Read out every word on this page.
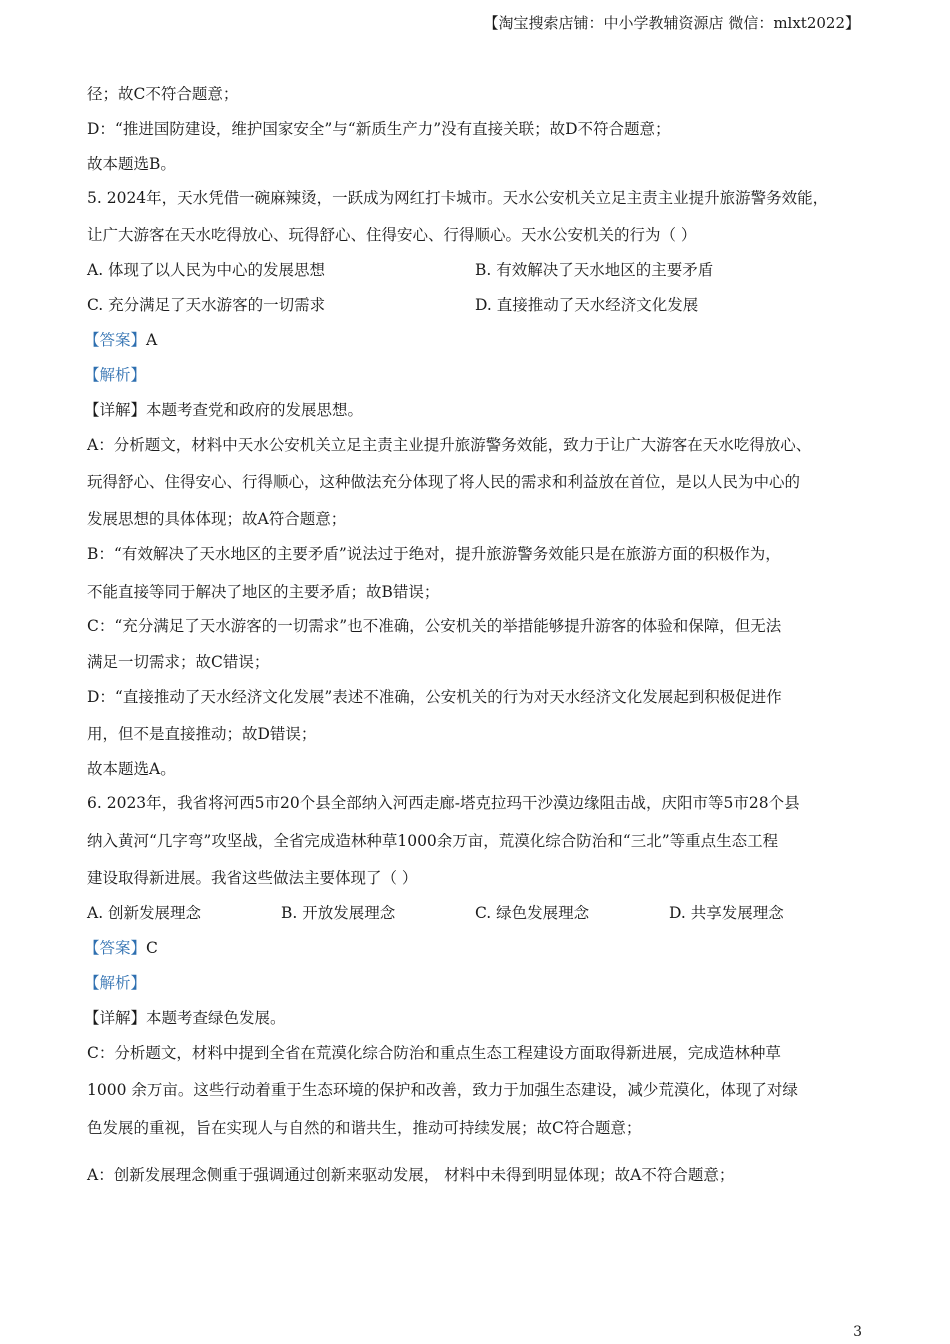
【淘宝搜索店铺：中小学教辅资源店 微信：mlxt2022】
径；故C不符合题意；
D：“推进国防建设，维护国家安全”与“新质生产力”没有直接关联；故D不符合题意；
故本题选B。
5. 2024年，天水凭借一碗麻辣烫，一跃成为网红打卡城市。天水公安机关立足主责主业提升旅游警务效能，
让广大游客在天水吃得放心、玩得舒心、住得安心、行得顺心。天水公安机关的行为（ ）
A. 体现了以人民为中心的发展思想	B. 有效解决了天水地区的主要矛盾
C. 充分满足了天水游客的一切需求	D. 直接推动了天水经济文化发展
【答案】A
【解析】
【详解】本题考查党和政府的发展思想。
A：分析题文，材料中天水公安机关立足主责主业提升旅游警务效能，致力于让广大游客在天水吃得放心、
玩得舒心、住得安心、行得顺心，这种做法充分体现了将人民的需求和利益放在首位，是以人民为中心的
发展思想的具体体现；故A符合题意；
B：“有效解决了天水地区的主要矛盾”说法过于绝对，提升旅游警务效能只是在旅游方面的积极作为，
不能直接等同于解决了地区的主要矛盾；故B错误；
C：“充分满足了天水游客的一切需求”也不准确，公安机关的举措能够提升游客的体验和保障，但无法
满足一切需求；故C错误；
D：“直接推动了天水经济文化发展”表述不准确，公安机关的行为对天水经济文化发展起到积极促进作
用，但不是直接推动；故D错误；
故本题选A。
6. 2023年，我省将河西5市20个县全部纳入河西走廊-塔克拉玛干沙漠边缘阻击战，庆阳市等5市28个县
纳入黄河“几字弯”攻坚战，全省完成造林种草1000余万亩，荒漠化综合防治和“三北”等重点生态工程
建设取得新进展。我省这些做法主要体现了（ ）
A. 创新发展理念	B. 开放发展理念	C. 绿色发展理念	D. 共享发展理念
【答案】C
【解析】
【详解】本题考查绿色发展。
C：分析题文，材料中提到全省在荒漠化综合防治和重点生态工程建设方面取得新进展，完成造林种草
1000 余万亩。这些行动着重于生态环境的保护和改善，致力于加强生态建设，减少荒漠化，体现了对绿
色发展的重视，旨在实现人与自然的和谐共生，推动可持续发展；故C符合题意；
A：创新发展理念侧重于强调通过创新来驱动发展， 材料中未得到明显体现；故A不符合题意；
3
